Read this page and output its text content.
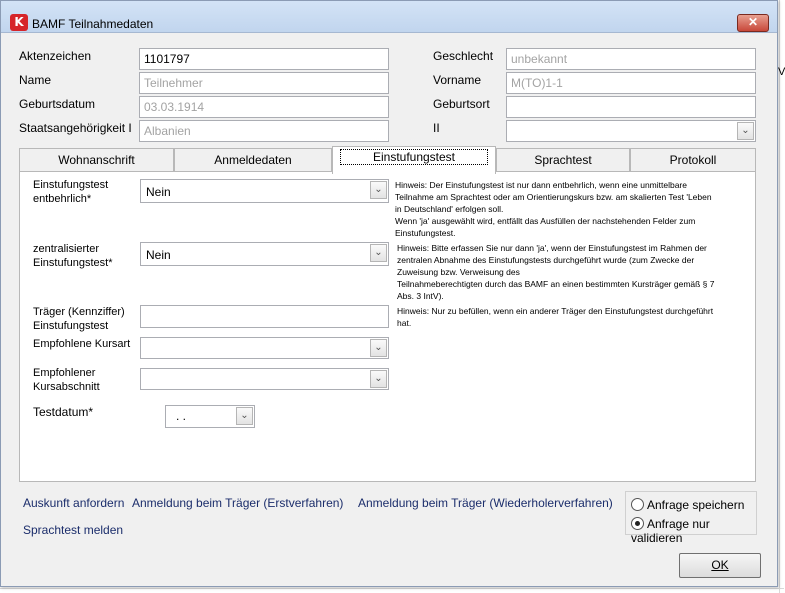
V
K BAMF Teilnahmedaten	✕
Aktenzeichen	1101797	Geschlecht	unbekannt
Name	Teilnehmer	Vorname	M(TO)1-1
Geburtsdatum	03.03.1914	Geburtsort
Staatsangehörigkeit I	Albanien	II	⌄
Wohnanschrift	Anmeldedaten	Einstufungstest	Sprachtest	Protokoll
Einstufungstest
entbehrlich*	Nein	⌄	Hinweis: Der Einstufungstest ist nur dann entbehrlich, wenn eine unmittelbare
Teilnahme am Sprachtest oder am Orientierungskurs bzw. am skalierten Test 'Leben
in Deutschland' erfolgen soll.
Wenn 'ja' ausgewählt wird, entfällt das Ausfüllen der nachstehenden Felder zum
Einstufungstest.
zentralisierter
Einstufungstest*
Nein	⌄	Hinweis: Bitte erfassen Sie nur dann 'ja', wenn der Einstufungstest im Rahmen der
zentralen Abnahme des Einstufungstests durchgeführt wurde (zum Zwecke der
Zuweisung bzw. Verweisung des
Teilnahmeberechtigten durch das BAMF an einen bestimmten Kursträger gemäß § 7
Abs. 3 IntV).
Träger (Kennziffer)
Einstufungstest
Hinweis: Nur zu befüllen, wenn ein anderer Träger den Einstufungstest durchgeführt
hat.
Empfohlene Kursart	⌄
Empfohlener
Kursabschnitt
⌄
Testdatum*	. .	⌄
Auskunft anfordern Anmeldung beim Träger (Erstverfahren) Anmeldung beim Träger (Wiederholerverfahren)
Sprachtest melden
Anfrage speichern
Anfrage nur validieren
OK
